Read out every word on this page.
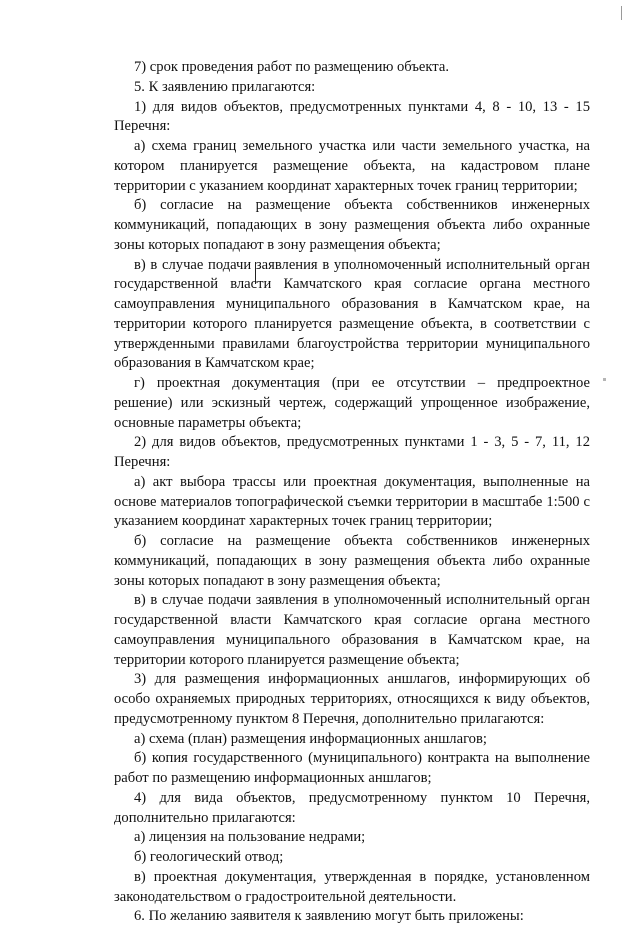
7) срок проведения работ по размещению объекта.

5. К заявлению прилагаются:

1) для видов объектов, предусмотренных пунктами 4, 8 - 10, 13 - 15 Перечня:

а) схема границ земельного участка или части земельного участка, на котором планируется размещение объекта, на кадастровом плане территории с указанием координат характерных точек границ территории;

б) согласие на размещение объекта собственников инженерных коммуникаций, попадающих в зону размещения объекта либо охранные зоны которых попадают в зону размещения объекта;

в) в случае подачи заявления в уполномоченный исполнительный орган государственной власти Камчатского края согласие органа местного самоуправления муниципального образования в Камчатском крае, на территории которого планируется размещение объекта, в соответствии с утвержденными правилами благоустройства территории муниципального образования в Камчатском крае;

г) проектная документация (при ее отсутствии – предпроектное решение) или эскизный чертеж, содержащий упрощенное изображение, основные параметры объекта;

2) для видов объектов, предусмотренных пунктами 1 - 3, 5 - 7, 11, 12 Перечня:

а) акт выбора трассы или проектная документация, выполненные на основе материалов топографической съемки территории в масштабе 1:500 с указанием координат характерных точек границ территории;

б) согласие на размещение объекта собственников инженерных коммуникаций, попадающих в зону размещения объекта либо охранные зоны которых попадают в зону размещения объекта;

в) в случае подачи заявления в уполномоченный исполнительный орган государственной власти Камчатского края согласие органа местного самоуправления муниципального образования в Камчатском крае, на территории которого планируется размещение объекта;

3) для размещения информационных аншлагов, информирующих об особо охраняемых природных территориях, относящихся к виду объектов, предусмотренному пунктом 8 Перечня, дополнительно прилагаются:

а) схема (план) размещения информационных аншлагов;

б) копия государственного (муниципального) контракта на выполнение работ по размещению информационных аншлагов;

4) для вида объектов, предусмотренному пунктом 10 Перечня, дополнительно прилагаются:

а) лицензия на пользование недрами;

б) геологический отвод;

в) проектная документация, утвержденная в порядке, установленном законодательством о градостроительной деятельности.

6. По желанию заявителя к заявлению могут быть приложены:
